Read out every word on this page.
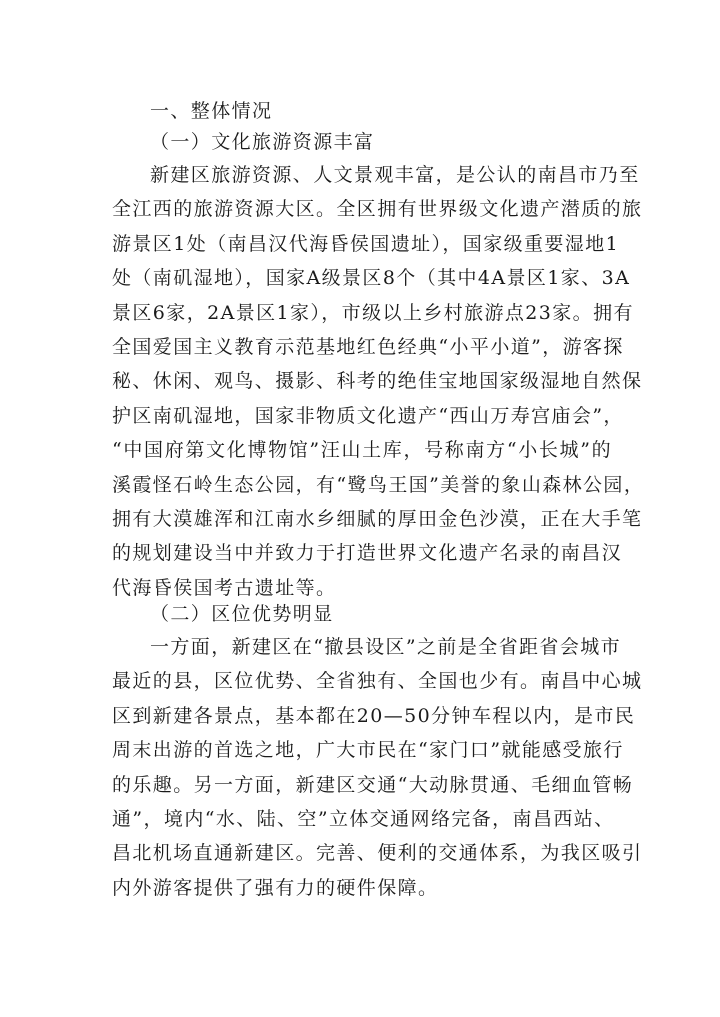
一、整体情况
（一）文化旅游资源丰富
新建区旅游资源、人文景观丰富，是公认的南昌市乃至
全江西的旅游资源大区。全区拥有世界级文化遗产潜质的旅
游景区1处（南昌汉代海昏侯国遗址），国家级重要湿地1
处（南矶湿地），国家A级景区8个（其中4A景区1家、3A
景区6家，2A景区1家），市级以上乡村旅游点23家。拥有
全国爱国主义教育示范基地红色经典“小平小道”，游客探
秘、休闲、观鸟、摄影、科考的绝佳宝地国家级湿地自然保
护区南矶湿地，国家非物质文化遗产“西山万寿宫庙会”，
“中国府第文化博物馆”汪山土库，号称南方“小长城”的
溪霞怪石岭生态公园，有“鹭鸟王国”美誉的象山森林公园，
拥有大漠雄浑和江南水乡细腻的厚田金色沙漠，正在大手笔
的规划建设当中并致力于打造世界文化遗产名录的南昌汉
代海昏侯国考古遗址等。
（二）区位优势明显
一方面，新建区在“撤县设区”之前是全省距省会城市
最近的县，区位优势、全省独有、全国也少有。南昌中心城
区到新建各景点，基本都在20—50分钟车程以内，是市民
周末出游的首选之地，广大市民在“家门口”就能感受旅行
的乐趣。另一方面，新建区交通“大动脉贯通、毛细血管畅
通”，境内“水、陆、空”立体交通网络完备，南昌西站、
昌北机场直通新建区。完善、便利的交通体系，为我区吸引
内外游客提供了强有力的硬件保障。
